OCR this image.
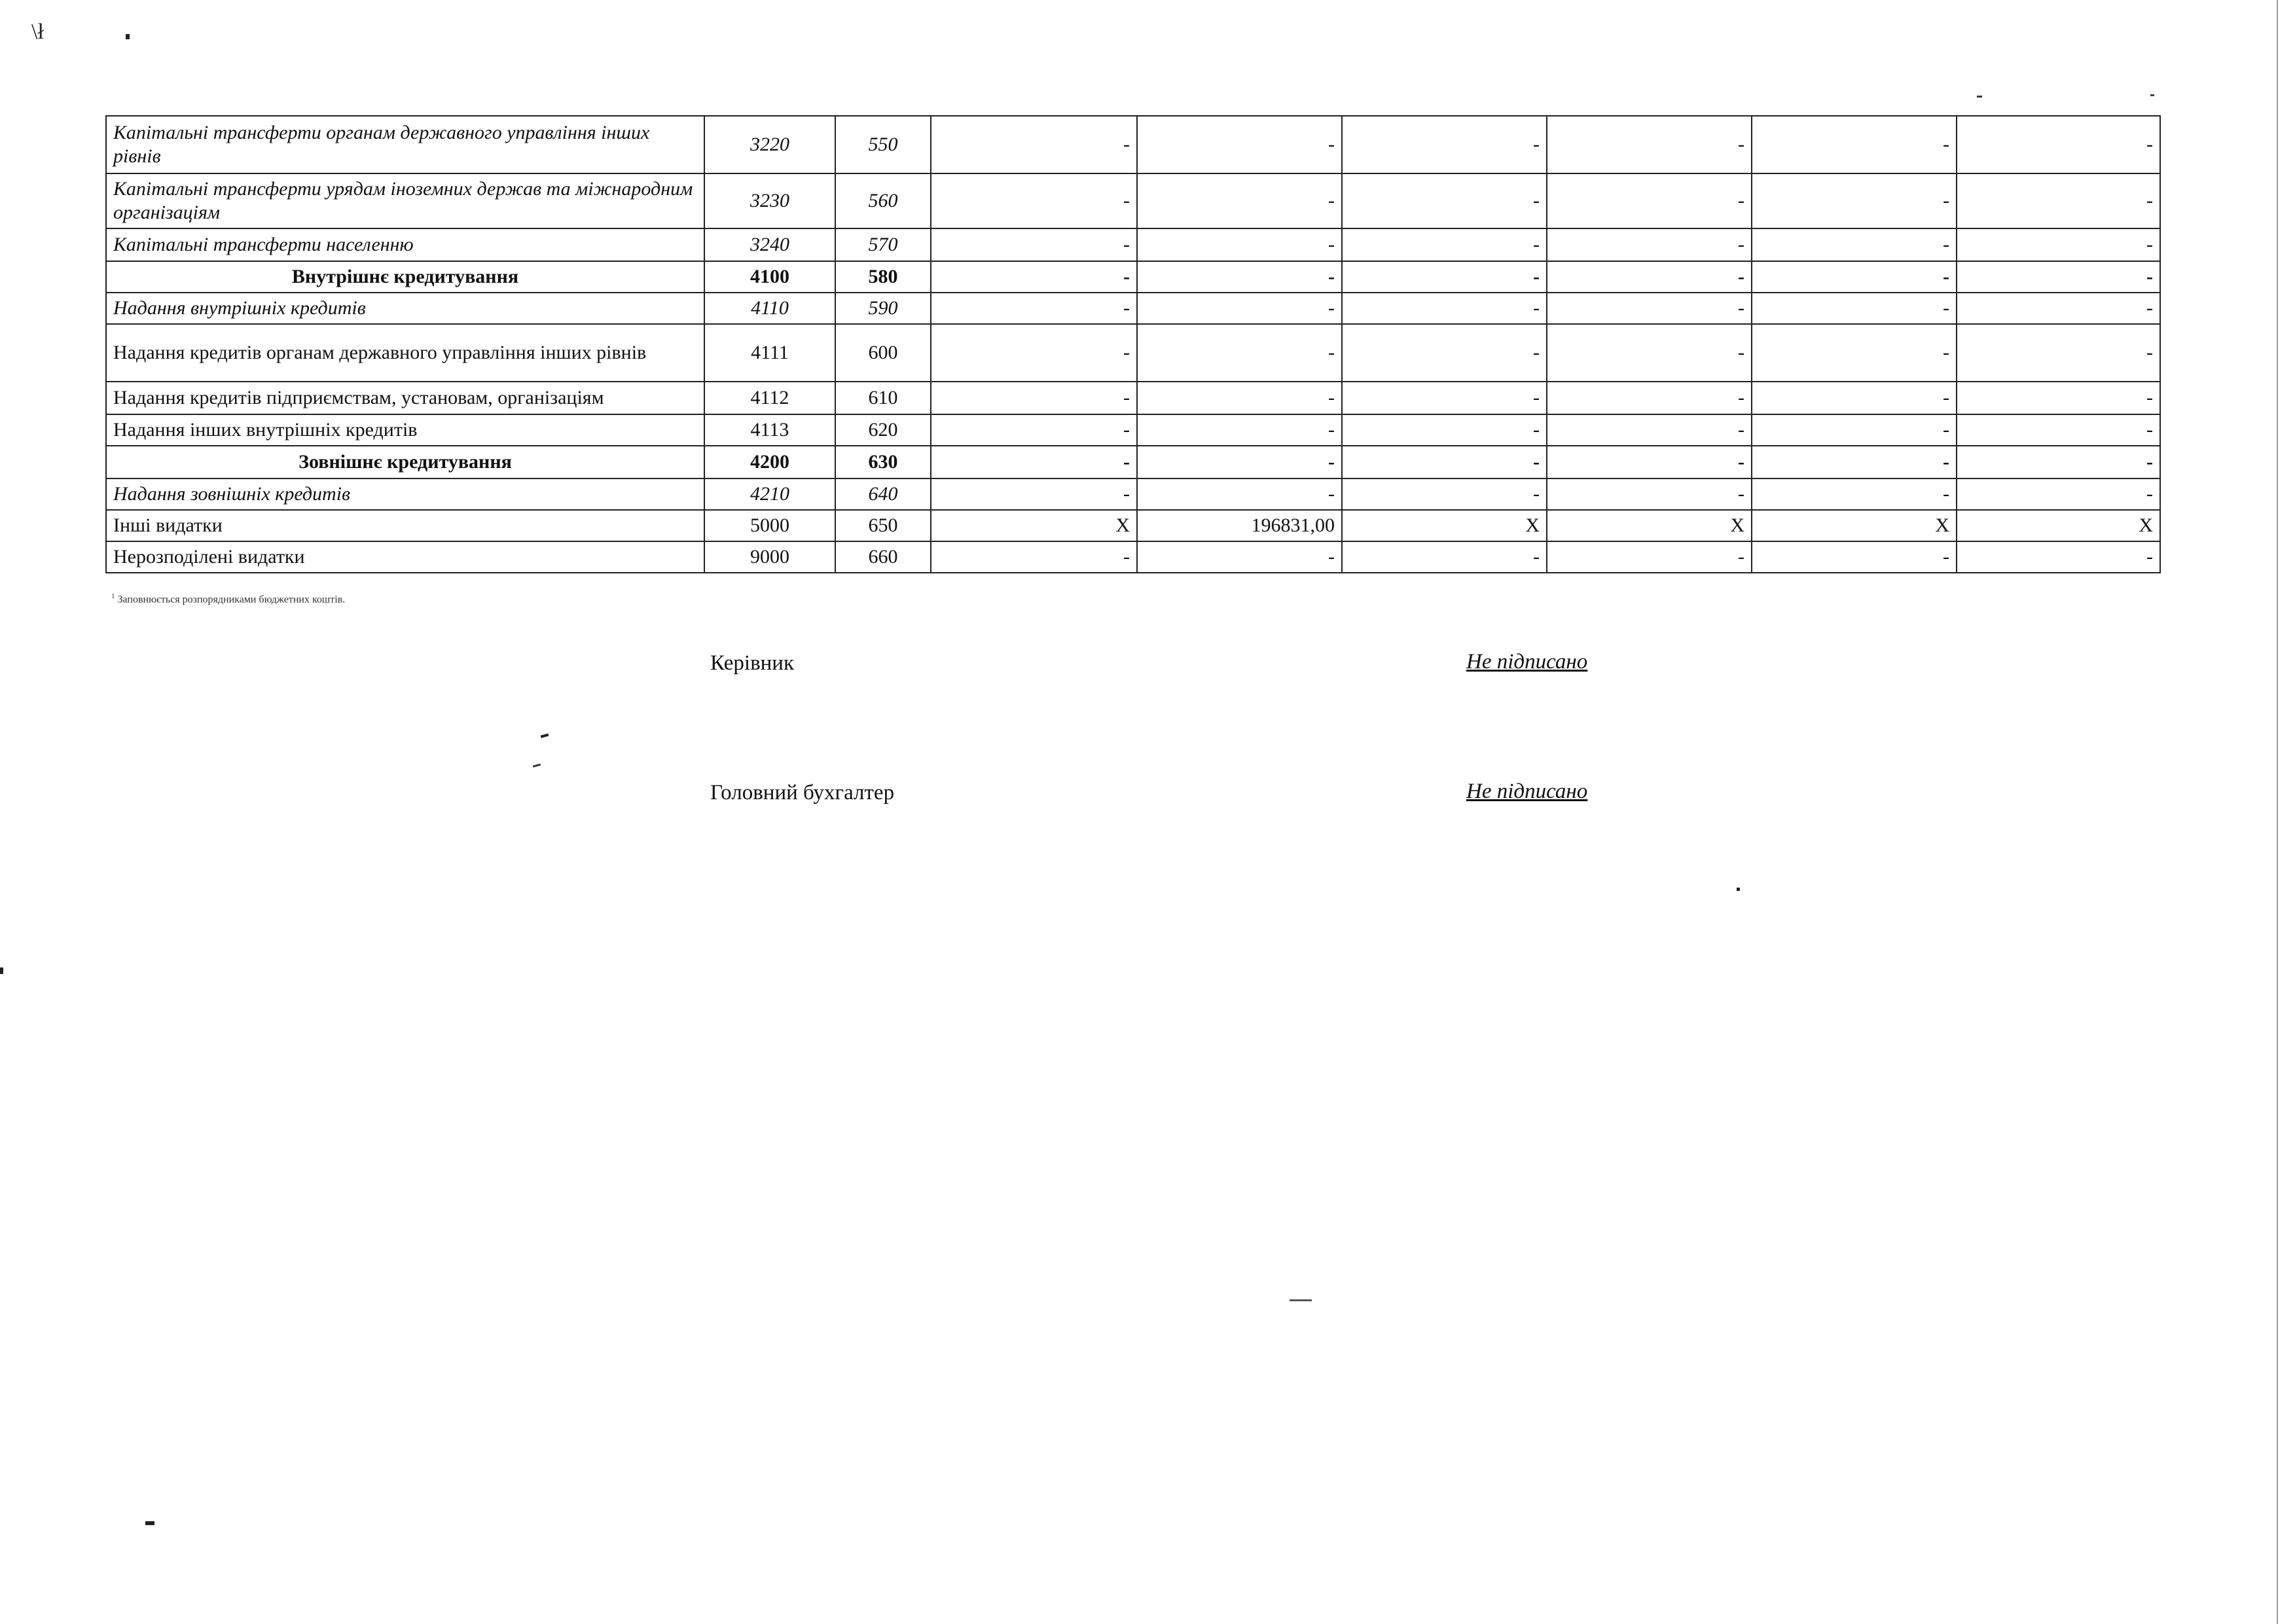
\ł
Капітальні трансферти органам державного управління інших рівнів	3220	550	-	-	-	-	-	-
Капітальні трансферти урядам іноземних держав та міжнародним організаціям	3230	560	-	-	-	-	-	-
Капітальні трансферти населенню	3240	570	-	-	-	-	-	-
Внутрішнє кредитування	4100	580	-	-	-	-	-	-
Надання внутрішніх кредитів	4110	590	-	-	-	-	-	-
Надання кредитів органам державного управління інших рівнів	4111	600	-	-	-	-	-	-
Надання кредитів підприємствам, установам, організаціям	4112	610	-	-	-	-	-	-
Надання інших внутрішніх кредитів	4113	620	-	-	-	-	-	-
Зовнішнє кредитування	4200	630	-	-	-	-	-	-
Надання зовнішніх кредитів	4210	640	-	-	-	-	-	-
Інші видатки	5000	650	X	196831,00	X	X	X	X
Нерозподілені видатки	9000	660	-	-	-	-	-	-
$^1$ Заповнюється розпорядниками бюджетних коштів.
Керівник	Не підписано
Головний бухгалтер	Не підписано
